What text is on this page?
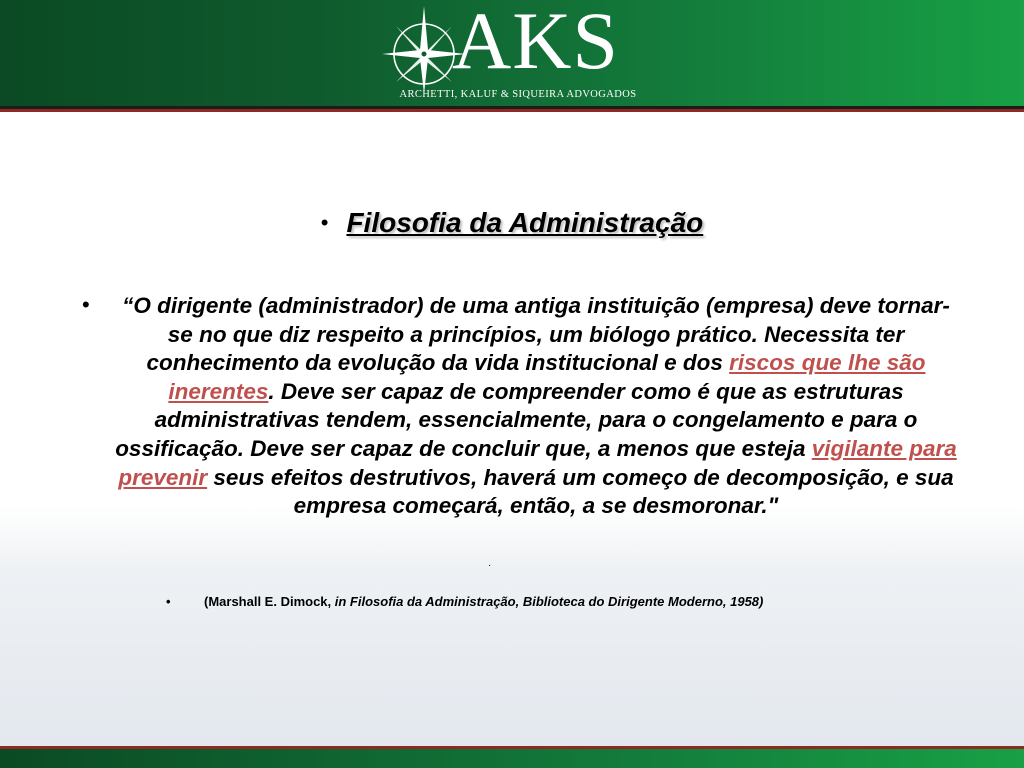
AKS
ARCHETTI, KALUF & SIQUEIRA ADVOGADOS
• Filosofia da Administração
•	“O dirigente (administrador) de uma antiga instituição (empresa) deve tornar-se no que diz respeito a princípios, um biólogo prático. Necessita ter conhecimento da evolução da vida institucional e dos riscos que lhe são inerentes. Deve ser capaz de compreender como é que as estruturas administrativas tendem, essencialmente, para o congelamento e para o ossificação. Deve ser capaz de concluir que, a menos que esteja vigilante para prevenir seus efeitos destrutivos, haverá um começo de decomposição, e sua empresa começará, então, a se desmoronar."

•	(Marshall E. Dimock, in Filosofia da Administração, Biblioteca do Dirigente Moderno, 1958)
